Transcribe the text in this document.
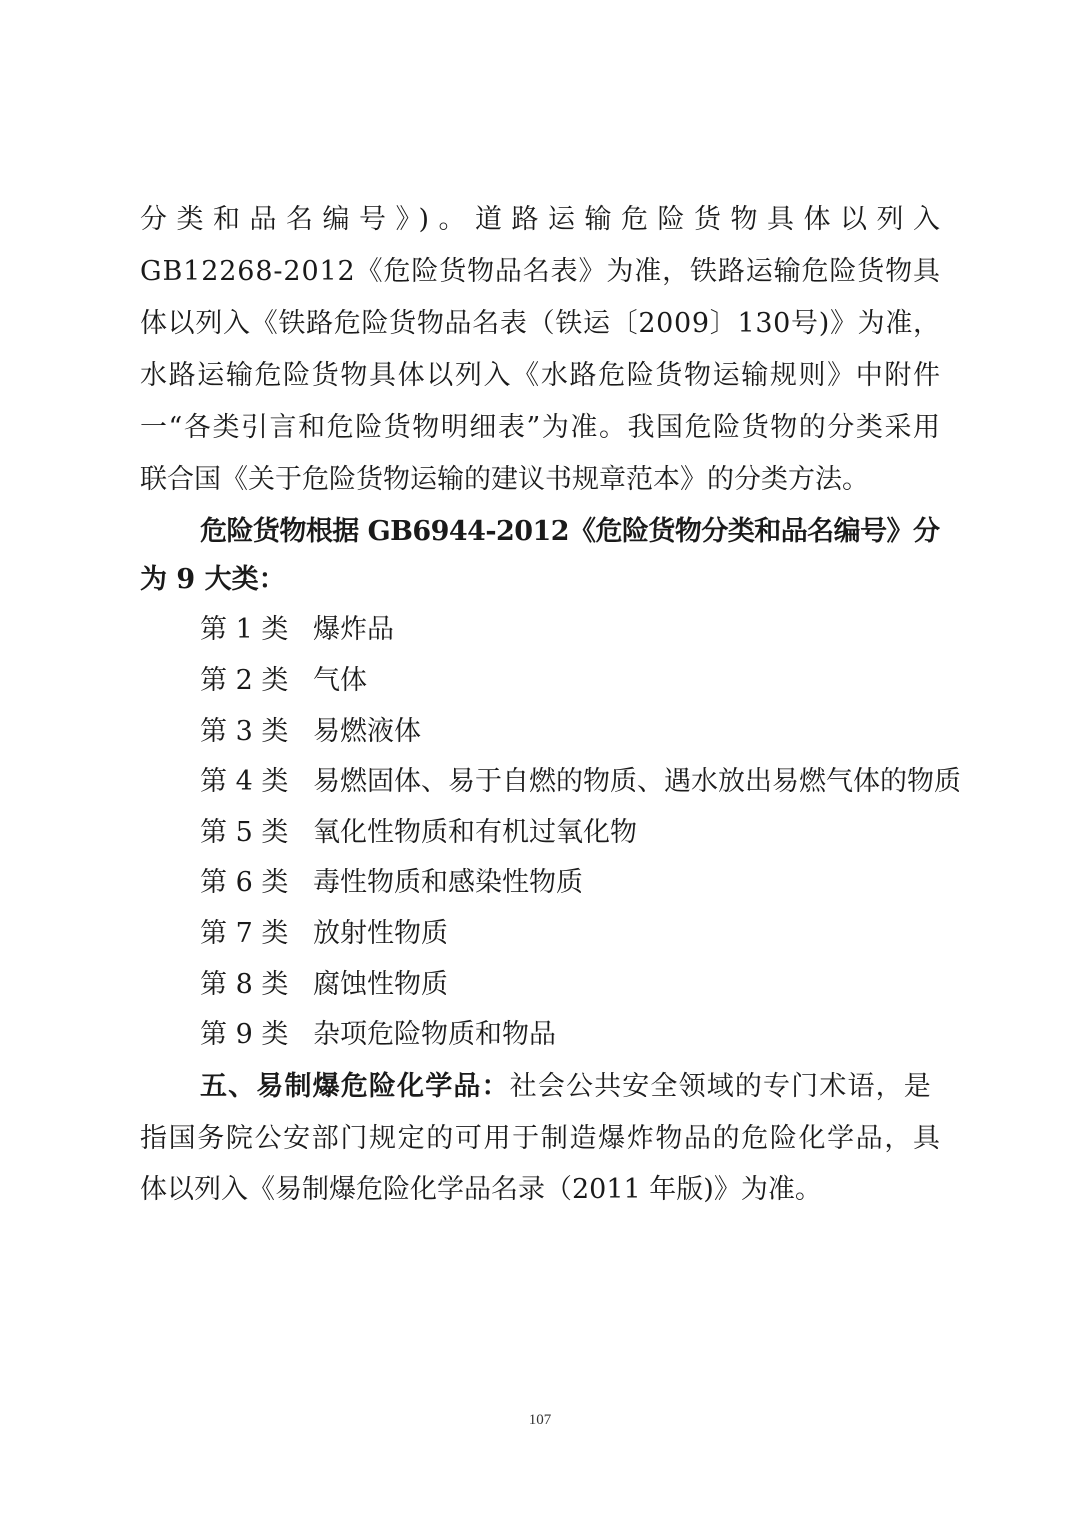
分类和品名编号》)。道路运输危险货物具体以列入
GB12268-2012《危险货物品名表》为准，铁路运输危险货物具
体以列入《铁路危险货物品名表（铁运〔2009〕130号)》为准，
水路运输危险货物具体以列入《水路危险货物运输规则》中附件
一“各类引言和危险货物明细表”为准。我国危险货物的分类采用
联合国《关于危险货物运输的建议书规章范本》的分类方法。
危险货物根据 GB6944-2012《危险货物分类和品名编号》分
为 9 大类：
第 1 类 爆炸品
第 2 类 气体
第 3 类 易燃液体
第 4 类 易燃固体、易于自燃的物质、遇水放出易燃气体的物质
第 5 类 氧化性物质和有机过氧化物
第 6 类 毒性物质和感染性物质
第 7 类 放射性物质
第 8 类 腐蚀性物质
第 9 类 杂项危险物质和物品
五、易制爆危险化学品：社会公共安全领域的专门术语，是
指国务院公安部门规定的可用于制造爆炸物品的危险化学品，具
体以列入《易制爆危险化学品名录（2011 年版)》为准。
107
